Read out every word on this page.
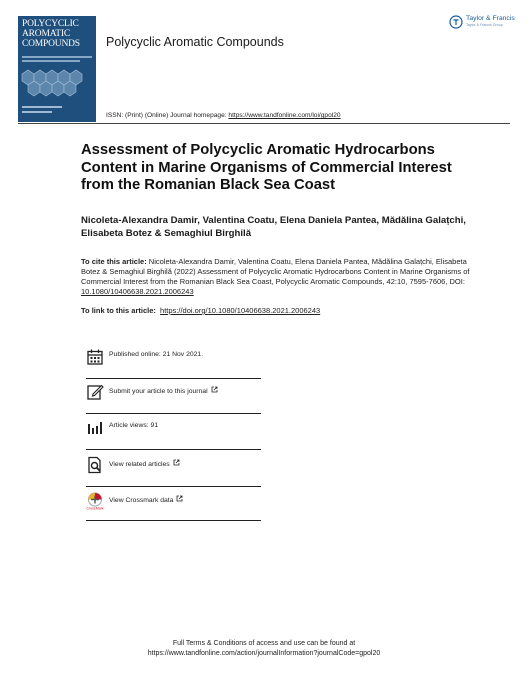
POLYCYCLIC
AROMATIC
COMPOUNDS Polycyclic Aromatic Compounds
Taylor & Francis
Taylor & Francis Group
ISSN: (Print) (Online) Journal homepage: https://www.tandfonline.com/loi/gpol20
Assessment of Polycyclic Aromatic Hydrocarbons Content in Marine Organisms of Commercial Interest from the Romanian Black Sea Coast
Nicoleta-Alexandra Damir, Valentina Coatu, Elena Daniela Pantea, Mădălina Galațchi, Elisabeta Botez & Semaghiul Birghilă
To cite this article: Nicoleta-Alexandra Damir, Valentina Coatu, Elena Daniela Pantea, Mădălina Galațchi, Elisabeta Botez & Semaghiul Birghilă (2022) Assessment of Polycyclic Aromatic Hydrocarbons Content in Marine Organisms of Commercial Interest from the Romanian Black Sea Coast, Polycyclic Aromatic Compounds, 42:10, 7595-7606, DOI: 10.1080/10406638.2021.2006243
To link to this article: https://doi.org/10.1080/10406638.2021.2006243
Published online: 21 Nov 2021.
Submit your article to this journal
Article views: 91
View related articles
CrossMark
View Crossmark data
Full Terms & Conditions of access and use can be found at
https://www.tandfonline.com/action/journalInformation?journalCode=gpol20
